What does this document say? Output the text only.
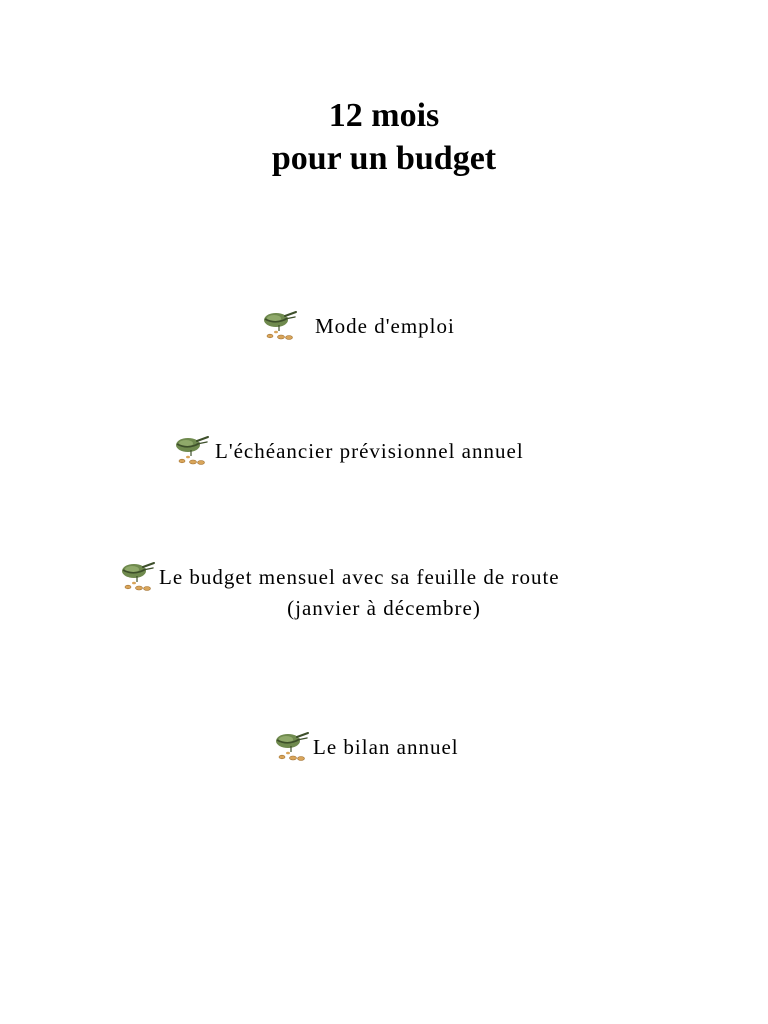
12 mois
pour un budget
Mode d'emploi
L'échéancier prévisionnel annuel
Le budget mensuel avec sa feuille de route
(janvier à décembre)
Le bilan annuel
